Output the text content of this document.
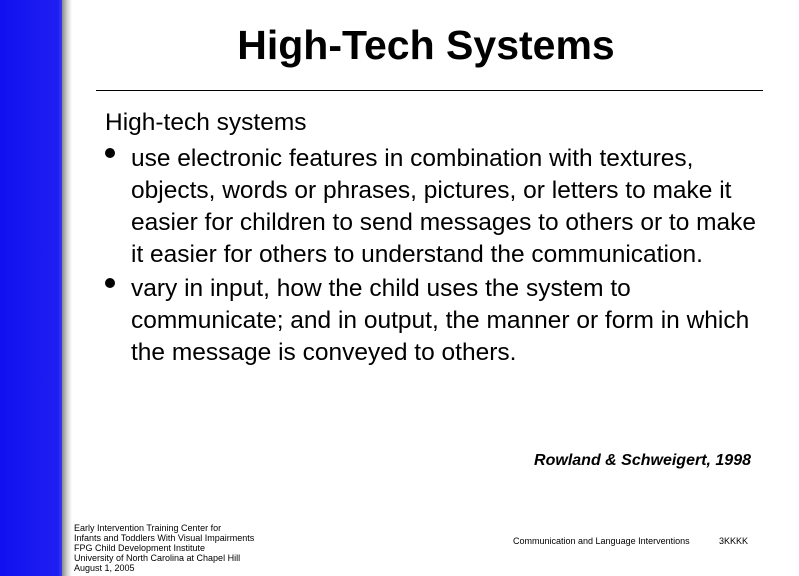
High-Tech Systems

High-tech systems

use electronic features in combination with textures, objects, words or phrases, pictures, or letters to make it easier for children to send messages to others or to make it easier for others to understand the communication.
vary in input, how the child uses the system to communicate; and in output, the manner or form in which the message is conveyed to others.

Rowland & Schweigert, 1998

Early Intervention Training Center for
Infants and Toddlers With Visual Impairments
FPG Child Development Institute
University of North Carolina at Chapel Hill
August 1, 2005
Communication and Language Interventions	3KKKK
